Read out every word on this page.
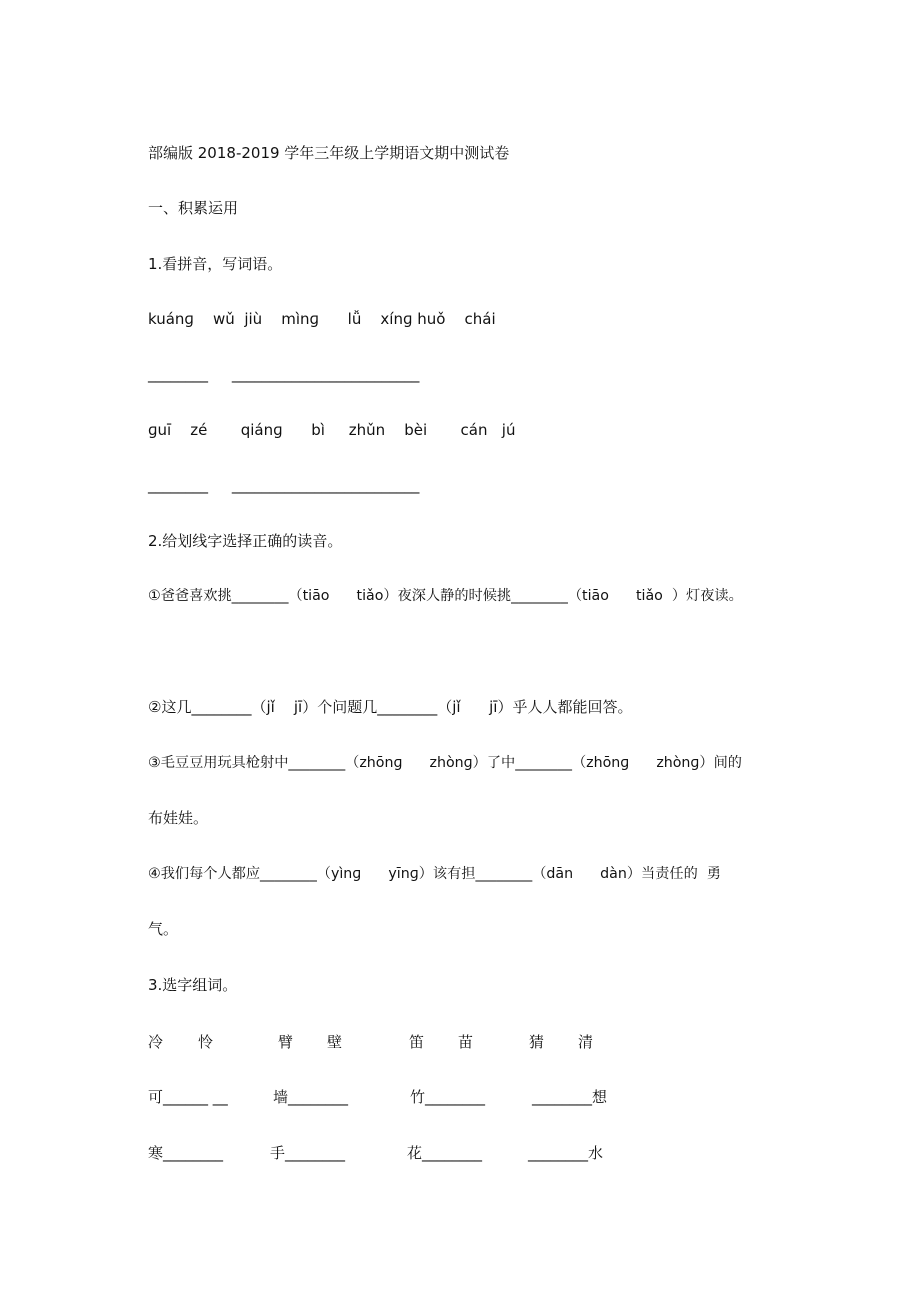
部编版 2018-2019 学年三年级上学期语文期中测试卷
一、积累运用
1.看拼音，写词语。
kuánɡ    wǔ  jiù    mìnɡ      lǚ    xínɡ huǒ    chái
________     _________________________
ɡuī    zé       qiánɡ      bì     zhǔn    bèi       cán   jú
________     _________________________
2.给划线字选择正确的读音。
①爸爸喜欢挑________（tiāo      tiǎo）夜深人静的时候挑________（tiāo      tiǎo  ）灯夜读。
②这几________（jǐ    jī）个问题几________（jǐ      jī）乎人人都能回答。
③毛豆豆用玩具枪射中________（zhōnɡ      zhònɡ）了中________（zhōnɡ      zhònɡ）间的
布娃娃。
④我们每个人都应________（yìnɡ      yīnɡ）该有担________（dān      dàn）当责任的  勇
气。
3.选字组词。
冷 怜	臂 壁	笛 苗	猜 清
可______ __	墙________	竹________	________想
寒________	手________	花________	________水
